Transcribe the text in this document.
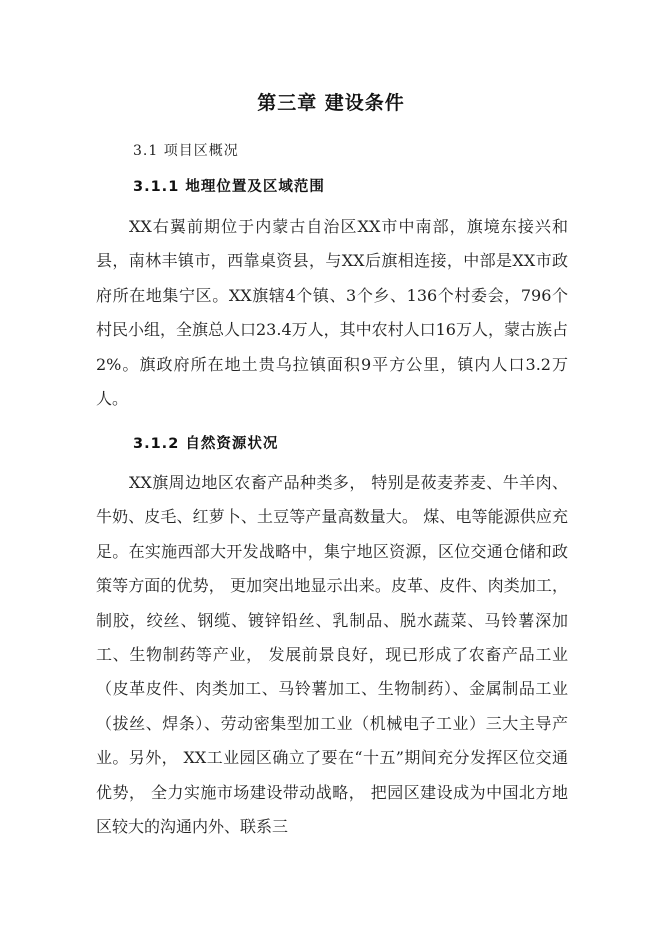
第三章 建设条件
3.1 项目区概况
3.1.1 地理位置及区域范围

XX右翼前期位于内蒙古自治区XX市中南部，旗境东接兴和县，南林丰镇市，西靠桌资县，与XX后旗相连接，中部是XX市政府所在地集宁区。XX旗辖4个镇、3个乡、136个村委会，796个村民小组，全旗总人口23.4万人，其中农村人口16万人，蒙古族占2%。旗政府所在地土贵乌拉镇面积9平方公里，镇内人口3.2万人。

3.1.2 自然资源状况

XX旗周边地区农畜产品种类多， 特别是莜麦荞麦、牛羊肉、牛奶、皮毛、红萝卜、土豆等产量高数量大。 煤、电等能源供应充足。在实施西部大开发战略中，集宁地区资源，区位交通仓储和政策等方面的优势， 更加突出地显示出来。皮革、皮件、肉类加工，制胶，绞丝、钢缆、镀锌铅丝、乳制品、脱水蔬菜、马铃薯深加工、生物制药等产业， 发展前景良好，现已形成了农畜产品工业（皮革皮件、肉类加工、马铃薯加工、生物制药）、金属制品工业（拔丝、焊条）、劳动密集型加工业（机械电子工业）三大主导产业。另外， XX工业园区确立了要在“十五”期间充分发挥区位交通优势， 全力实施市场建设带动战略， 把园区建设成为中国北方地区较大的沟通内外、联系三
